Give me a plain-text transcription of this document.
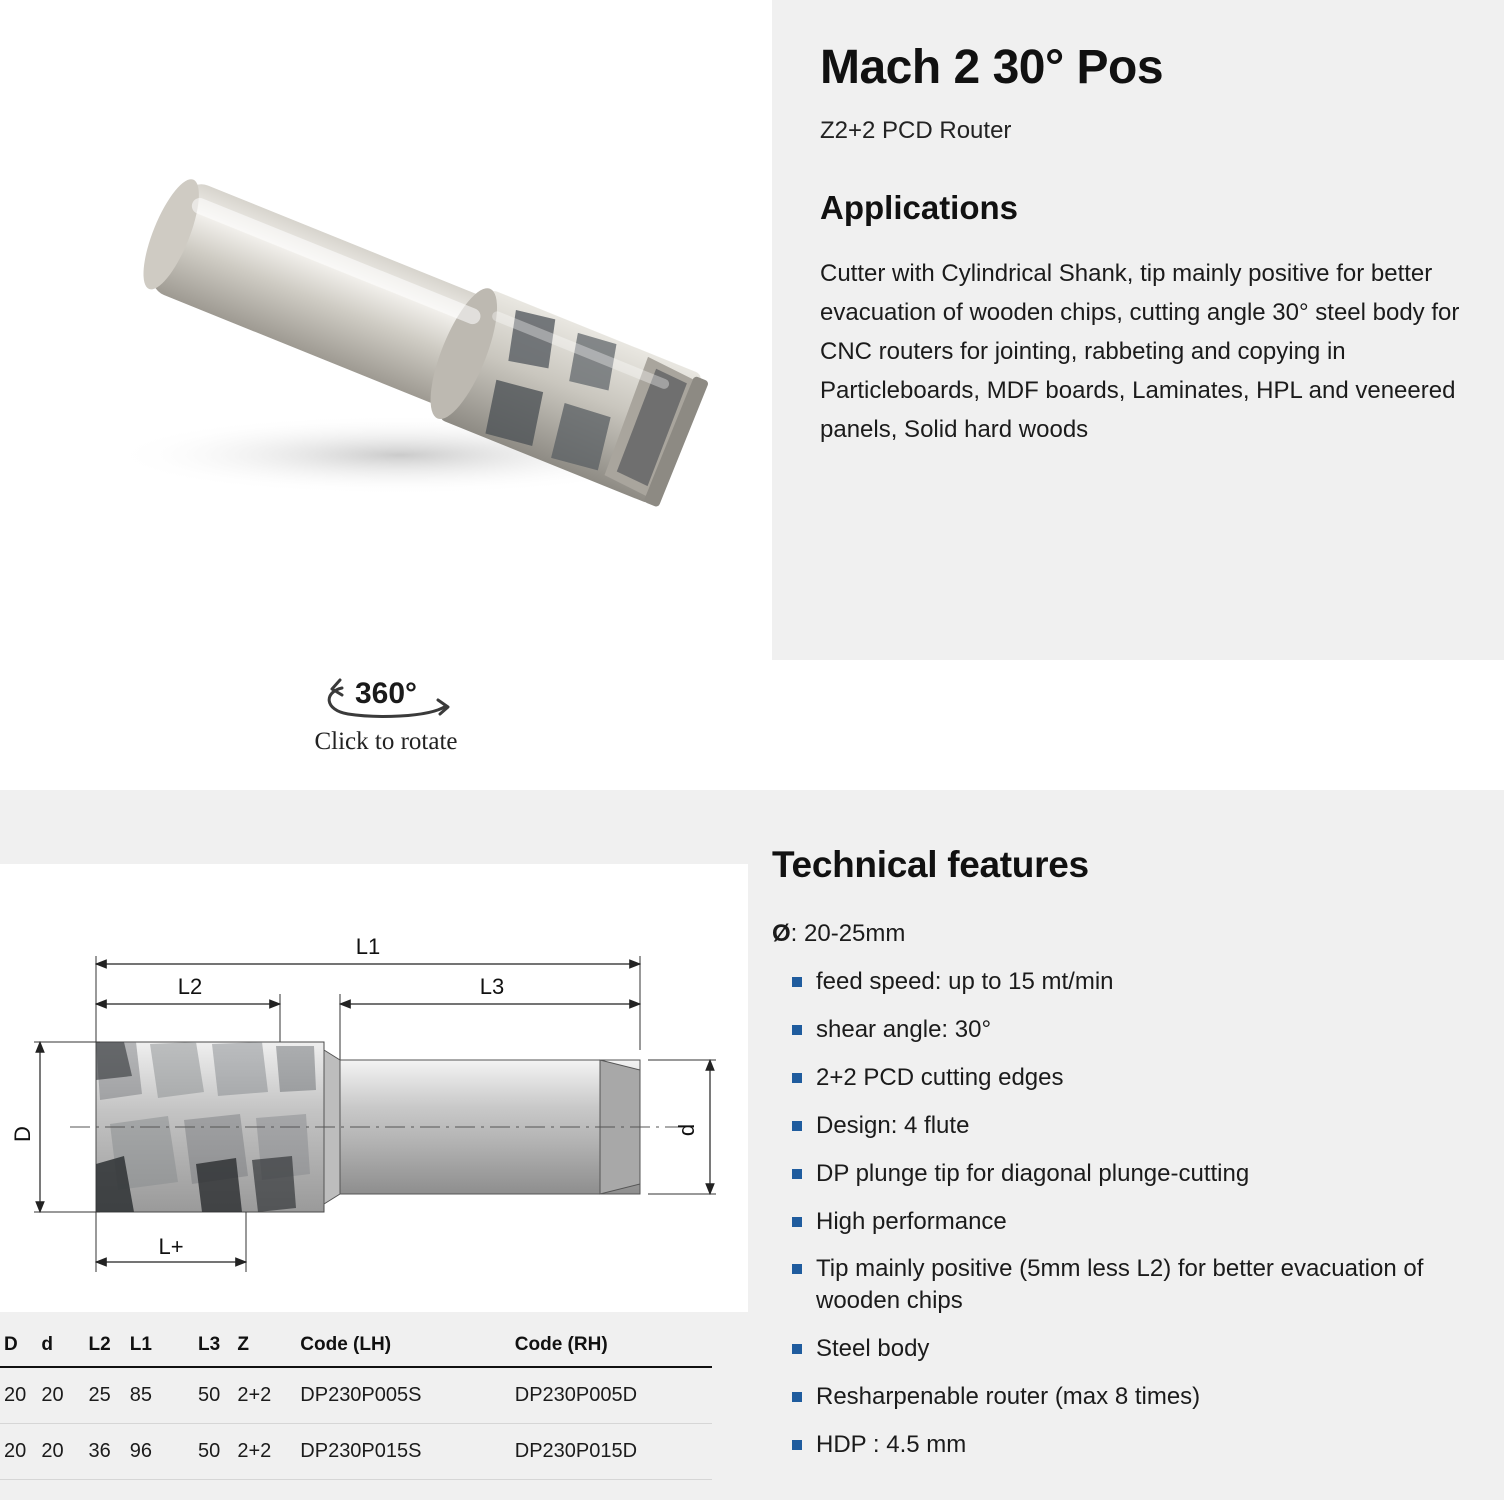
360°
Click to rotate
Mach 2 30° Pos
Z2+2 PCD Router
Applications

Cutter with Cylindrical Shank, tip mainly positive for better evacuation of wooden chips, cutting angle 30° steel body for CNC routers for jointing, rabbeting and copying in Particleboards, MDF boards, Laminates, HPL and veneered panels, Solid hard woods

L1
L2	L3
D	d
L+
D	d	L2	L1	L3	Z	Code (LH)	Code (RH)
20	20	25	85	50	2+2	DP230P005S	DP230P005D
20	20	36	96	50	2+2	DP230P015S	DP230P015D
Technical features
Ø: 20-25mm
feed speed: up to 15 mt/min
shear angle: 30°
2+2 PCD cutting edges
Design: 4 flute
DP plunge tip for diagonal plunge-cutting
High performance
Tip mainly positive (5mm less L2) for better evacuation of wooden chips
Steel body
Resharpenable router (max 8 times)
HDP : 4.5 mm
